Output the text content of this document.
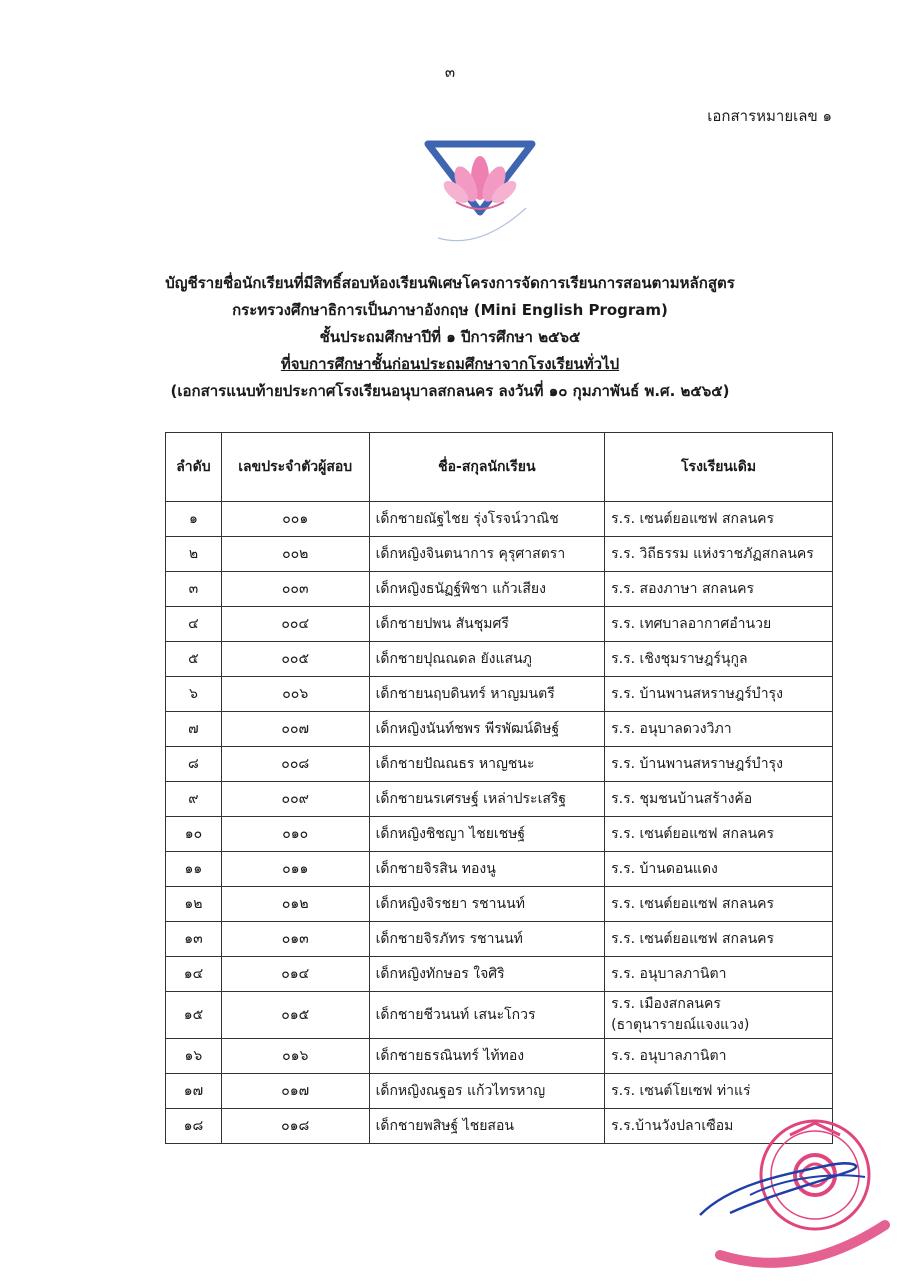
๓
เอกสารหมายเลข ๑
บัญชีรายชื่อนักเรียนที่มีสิทธิ์สอบห้องเรียนพิเศษโครงการจัดการเรียนการสอนตามหลักสูตร
กระทรวงศึกษาธิการเป็นภาษาอังกฤษ (Mini English Program)
ชั้นประถมศึกษาปีที่ ๑ ปีการศึกษา ๒๕๖๕
ที่จบการศึกษาชั้นก่อนประถมศึกษาจากโรงเรียนทั่วไป
(เอกสารแนบท้ายประกาศโรงเรียนอนุบาลสกลนคร ลงวันที่ ๑๐ กุมภาพันธ์ พ.ศ. ๒๕๖๕)
ลำดับ	เลขประจำตัวผู้สอบ	ชื่อ-สกุลนักเรียน	โรงเรียนเดิม
๑	๐๐๑	เด็กชายณัฐไชย รุ่งโรจน์วาณิช	ร.ร. เซนต์ยอแซฟ สกลนคร

๒	๐๐๒	เด็กหญิงจินตนาการ คุรุศาสตรา	ร.ร. วิถีธรรม แห่งราชภัฏสกลนคร

๓	๐๐๓	เด็กหญิงธนัฏฐ์พิชา แก้วเสียง	ร.ร. สองภาษา สกลนคร

๔	๐๐๔	เด็กชายปพน สันชุมศรี	ร.ร. เทศบาลอากาศอำนวย

๕	๐๐๕	เด็กชายปุณณดล ยังแสนภู	ร.ร. เชิงชุมราษฎร์นุกูล

๖	๐๐๖	เด็กชายนฤบดินทร์ หาญมนตรี	ร.ร. บ้านพานสหราษฎร์บำรุง

๗	๐๐๗	เด็กหญิงนันท์ชพร พีรพัฒน์ดิษฐ์	ร.ร. อนุบาลดวงวิภา

๘	๐๐๘	เด็กชายปัณณธร หาญชนะ	ร.ร. บ้านพานสหราษฎร์บำรุง

๙	๐๐๙	เด็กชายนรเศรษฐ์ เหล่าประเสริฐ	ร.ร. ชุมชนบ้านสร้างค้อ

๑๐	๐๑๐	เด็กหญิงชิชญา ไชยเชษฐ์	ร.ร. เซนต์ยอแซฟ สกลนคร

๑๑	๐๑๑	เด็กชายจิรสิน ทองนู	ร.ร. บ้านดอนแดง

๑๒	๐๑๒	เด็กหญิงจิรชยา รชานนท์	ร.ร. เซนต์ยอแซฟ สกลนคร

๑๓	๐๑๓	เด็กชายจิรภัทร รชานนท์	ร.ร. เซนต์ยอแซฟ สกลนคร

๑๔	๐๑๔	เด็กหญิงทักษอร ใจศิริ	ร.ร. อนุบาลภานิตา

๑๕	๐๑๕	เด็กชายชีวนนท์ เสนะโกวร	ร.ร. เมืองสกลนคร
(ธาตุนารายณ์แจงแวง)

๑๖	๐๑๖	เด็กชายธรณินทร์ ไท้ทอง	ร.ร. อนุบาลภานิตา

๑๗	๐๑๗	เด็กหญิงณฐอร แก้วไทรหาญ	ร.ร. เซนต์โยเซฟ ท่าแร่

๑๘	๐๑๘	เด็กชายพสิษฐ์ ไชยสอน	ร.ร.บ้านวังปลาเซือม
